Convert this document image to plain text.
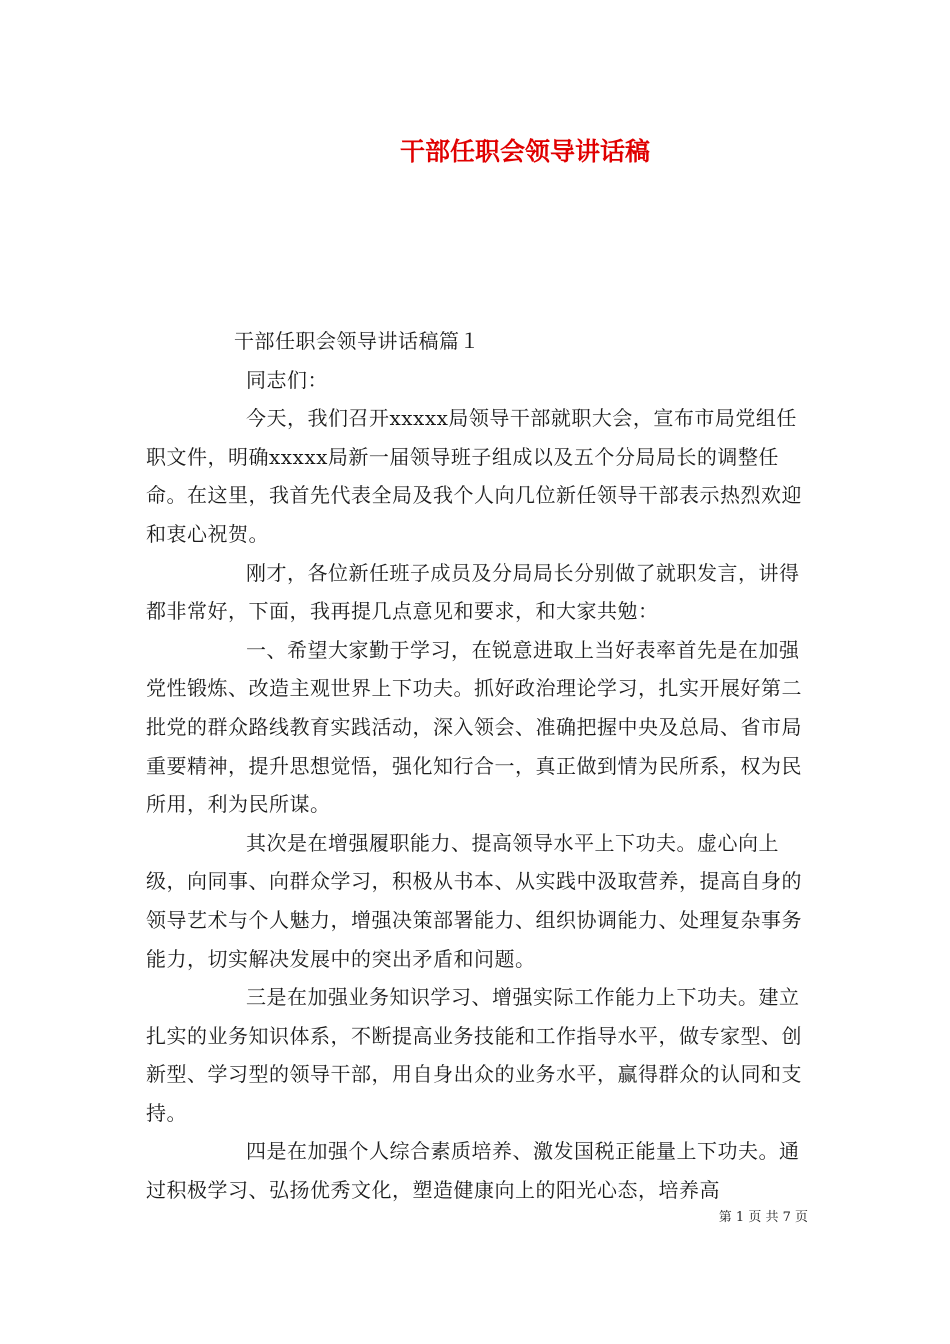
干部任职会领导讲话稿
干部任职会领导讲话稿篇１
同志们：

今天，我们召开xxxxx局领导干部就职大会，宣布市局党组任职文件，明确xxxxx局新一届领导班子组成以及五个分局局长的调整任命。在这里，我首先代表全局及我个人向几位新任领导干部表示热烈欢迎和衷心祝贺。

刚才，各位新任班子成员及分局局长分别做了就职发言，讲得都非常好，下面，我再提几点意见和要求，和大家共勉：

一、希望大家勤于学习，在锐意进取上当好表率首先是在加强党性锻炼、改造主观世界上下功夫。抓好政治理论学习，扎实开展好第二批党的群众路线教育实践活动，深入领会、准确把握中央及总局、省市局重要精神，提升思想觉悟，强化知行合一，真正做到情为民所系，权为民所用，利为民所谋。

其次是在增强履职能力、提高领导水平上下功夫。虚心向上级，向同事、向群众学习，积极从书本、从实践中汲取营养，提高自身的领导艺术与个人魅力，增强决策部署能力、组织协调能力、处理复杂事务能力，切实解决发展中的突出矛盾和问题。

三是在加强业务知识学习、增强实际工作能力上下功夫。建立扎实的业务知识体系，不断提高业务技能和工作指导水平，做专家型、创新型、学习型的领导干部，用自身出众的业务水平，赢得群众的认同和支持。

四是在加强个人综合素质培养、激发国税正能量上下功夫。通过积极学习、弘扬优秀文化，塑造健康向上的阳光心态，培养高

第 1 页 共 7 页
